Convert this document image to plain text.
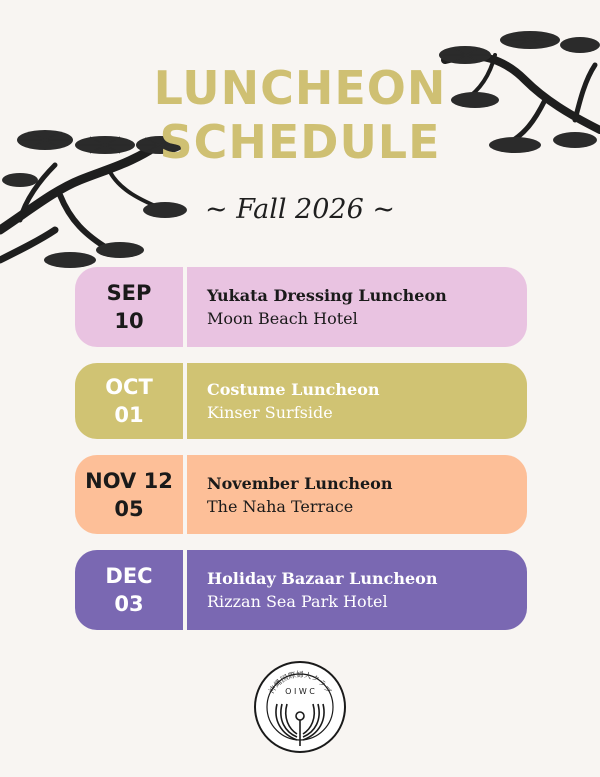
LUNCHEON
SCHEDULE
~ Fall 2026 ~
SEP
10
Yukata Dressing Luncheon
Moon Beach Hotel
OCT
01
Costume Luncheon
Kinser Surfside
NOV 12
05
November Luncheon
The Naha Terrace
DEC
03
Holiday Bazaar Luncheon
Rizzan Sea Park Hotel
沖縄国際婦人クラブ
O I W C
